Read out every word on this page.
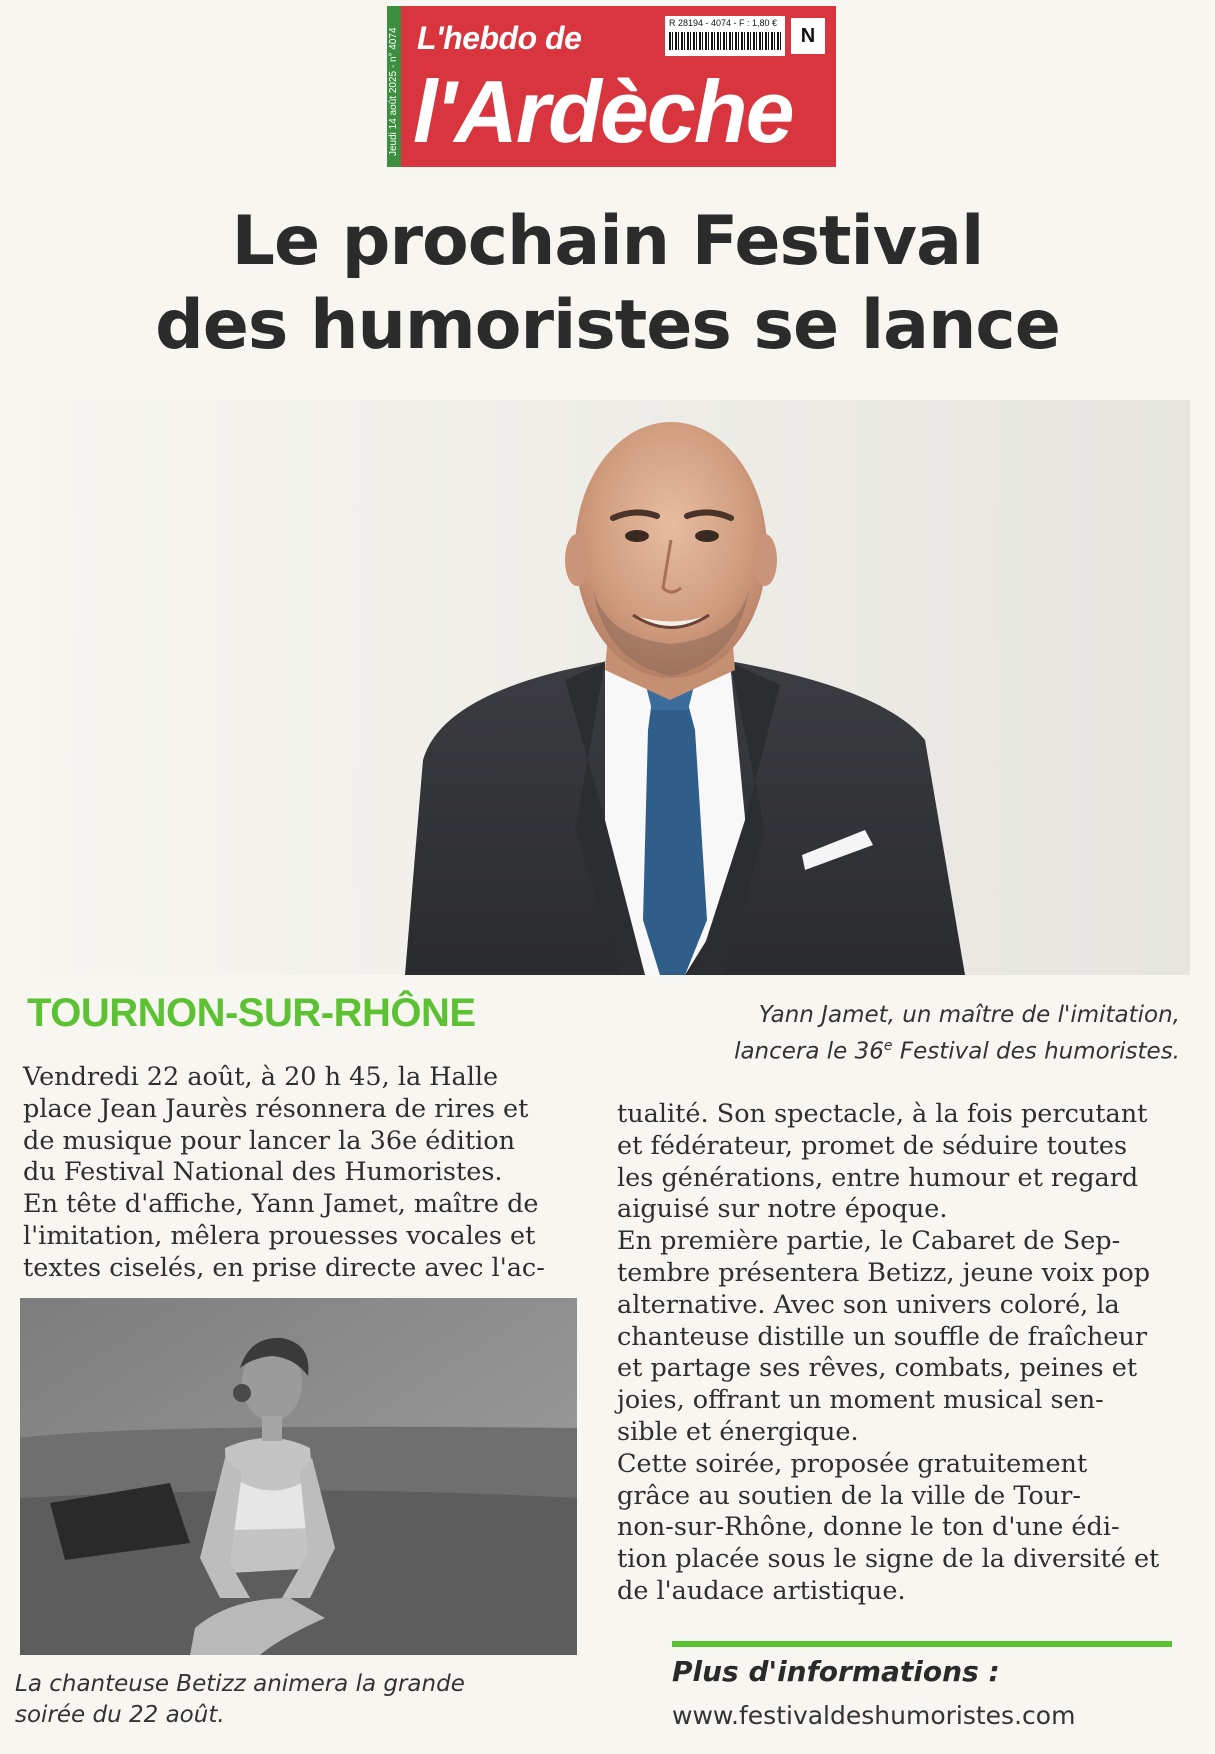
Jeudi 14 août 2025 - n° 4074 L'hebdo de
l'Ardèche
R 28194 - 4074 - F : 1,80 €
N
Le prochain Festival
des humoristes se lance
TOURNON-SUR-RHÔNE	Yann Jamet, un maître de l'imitation,
lancera le 36e Festival des humoristes.

Vendredi 22 août, à 20 h 45, la Halle

place Jean Jaurès résonnera de rires et

de musique pour lancer la 36e édition

du Festival National des Humoristes.

En tête d'affiche, Yann Jamet, maître de

l'imitation, mêlera prouesses vocales et

textes ciselés, en prise directe avec l'ac-

tualité. Son spectacle, à la fois percutant

et fédérateur, promet de séduire toutes

les générations, entre humour et regard

aiguisé sur notre époque.

En première partie, le Cabaret de Sep-

tembre présentera Betizz, jeune voix pop

alternative. Avec son univers coloré, la

chanteuse distille un souffle de fraîcheur

et partage ses rêves, combats, peines et

joies, offrant un moment musical sen-

sible et énergique.

Cette soirée, proposée gratuitement

grâce au soutien de la ville de Tour-

non-sur-Rhône, donne le ton d'une édi-

tion placée sous le signe de la diversité et

de l'audace artistique.

La chanteuse Betizz animera la grande
soirée du 22 août.
Plus d'informations :
www.festivaldeshumoristes.com
